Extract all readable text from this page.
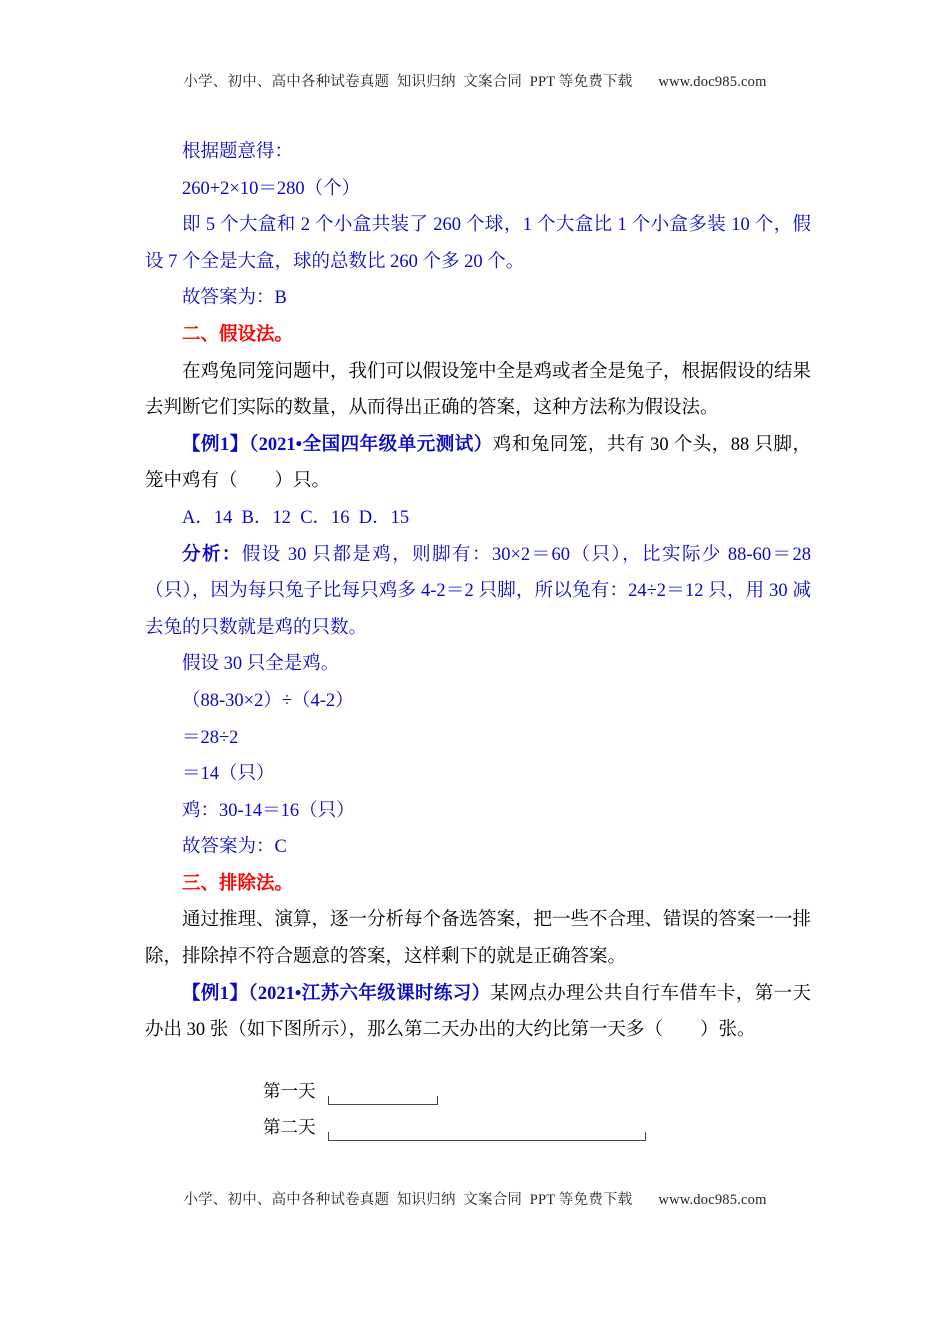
小学、初中、高中各种试卷真题  知识归纳  文案合同  PPT 等免费下载 www.doc985.com

根据题意得：

260+2×10＝280（个）

即 5 个大盒和 2 个小盒共装了 260 个球，1 个大盒比 1 个小盒多装 10 个，假设 7 个全是大盒，球的总数比 260 个多 20 个。

故答案为：B

二、假设法。

在鸡兔同笼问题中，我们可以假设笼中全是鸡或者全是兔子，根据假设的结果去判断它们实际的数量，从而得出正确的答案，这种方法称为假设法。

【例1】（2021•全国四年级单元测试）鸡和兔同笼，共有 30 个头，88 只脚，笼中鸡有（　　）只。

A．14  B．12  C．16  D．15

分析：假设 30 只都是鸡，则脚有：30×2＝60（只），比实际少 88-60＝28（只），因为每只兔子比每只鸡多 4-2＝2 只脚，所以兔有：24÷2＝12 只，用 30 减去兔的只数就是鸡的只数。

假设 30 只全是鸡。

（88-30×2）÷（4-2）

＝28÷2

＝14（只）

鸡：30-14＝16（只）

故答案为：C

三、排除法。

通过推理、演算，逐一分析每个备选答案，把一些不合理、错误的答案一一排除，排除掉不符合题意的答案，这样剩下的就是正确答案。

【例1】（2021•江苏六年级课时练习）某网点办理公共自行车借车卡，第一天办出 30 张（如下图所示），那么第二天办出的大约比第一天多（　　）张。

第一天
第二天
小学、初中、高中各种试卷真题  知识归纳  文案合同  PPT 等免费下载 www.doc985.com
